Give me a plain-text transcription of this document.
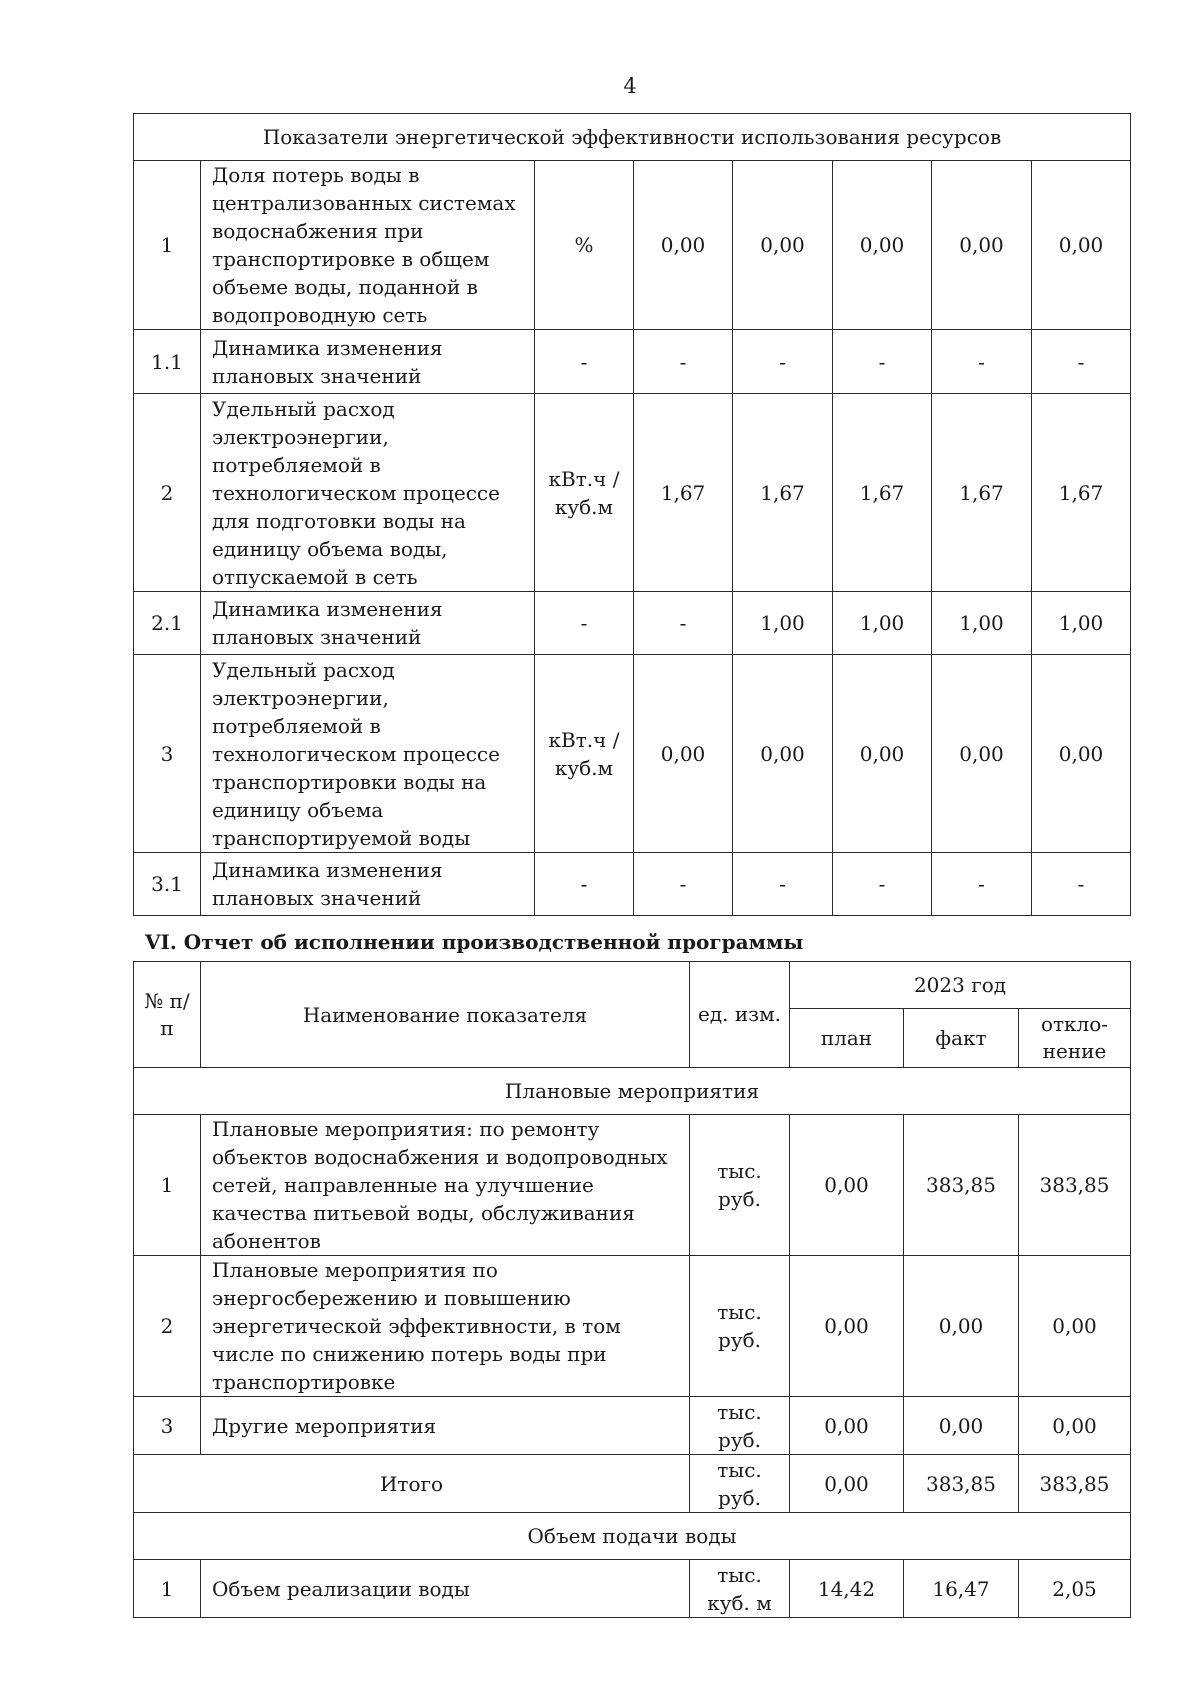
4
Показатели энергетической эффективности использования ресурсов							
1	Доля потерь воды в централизованных системах водоснабжения при транспортировке в общем объеме воды, поданной в водопроводную сеть	%	0,00	0,00	0,00	0,00	0,00
1.1	Динамика изменения плановых значений	-	-	-	-	-	-
2	Удельный расход электроэнергии, потребляемой в технологическом процессе для подготовки воды на единицу объема воды, отпускаемой в сеть	кВт.ч / куб.м	1,67	1,67	1,67	1,67	1,67
2.1	Динамика изменения плановых значений	-	-	1,00	1,00	1,00	1,00
3	Удельный расход электроэнергии, потребляемой в технологическом процессе транспортировки воды на единицу объема транспортируемой воды	кВт.ч / куб.м	0,00	0,00	0,00	0,00	0,00
3.1	Динамика изменения плановых значений	-	-	-	-	-	-
VI. Отчет об исполнении производственной программы
№ п/п	Наименование показателя	ед. изм.	2023 год		
			план	факт	откло-нение
Плановые мероприятия					
1	Плановые мероприятия: по ремонту объектов водоснабжения и водопроводных сетей, направленные на улучшение качества питьевой воды, обслуживания абонентов	тыс. руб.	0,00	383,85	383,85
2	Плановые мероприятия по энергосбережению и повышению энергетической эффективности, в том числе по снижению потерь воды при транспортировке	тыс. руб.	0,00	0,00	0,00
3	Другие мероприятия	тыс. руб.	0,00	0,00	0,00
Итого		тыс. руб.	0,00	383,85	383,85
Объем подачи воды					
1	Объем реализации воды	тыс. куб. м	14,42	16,47	2,05
